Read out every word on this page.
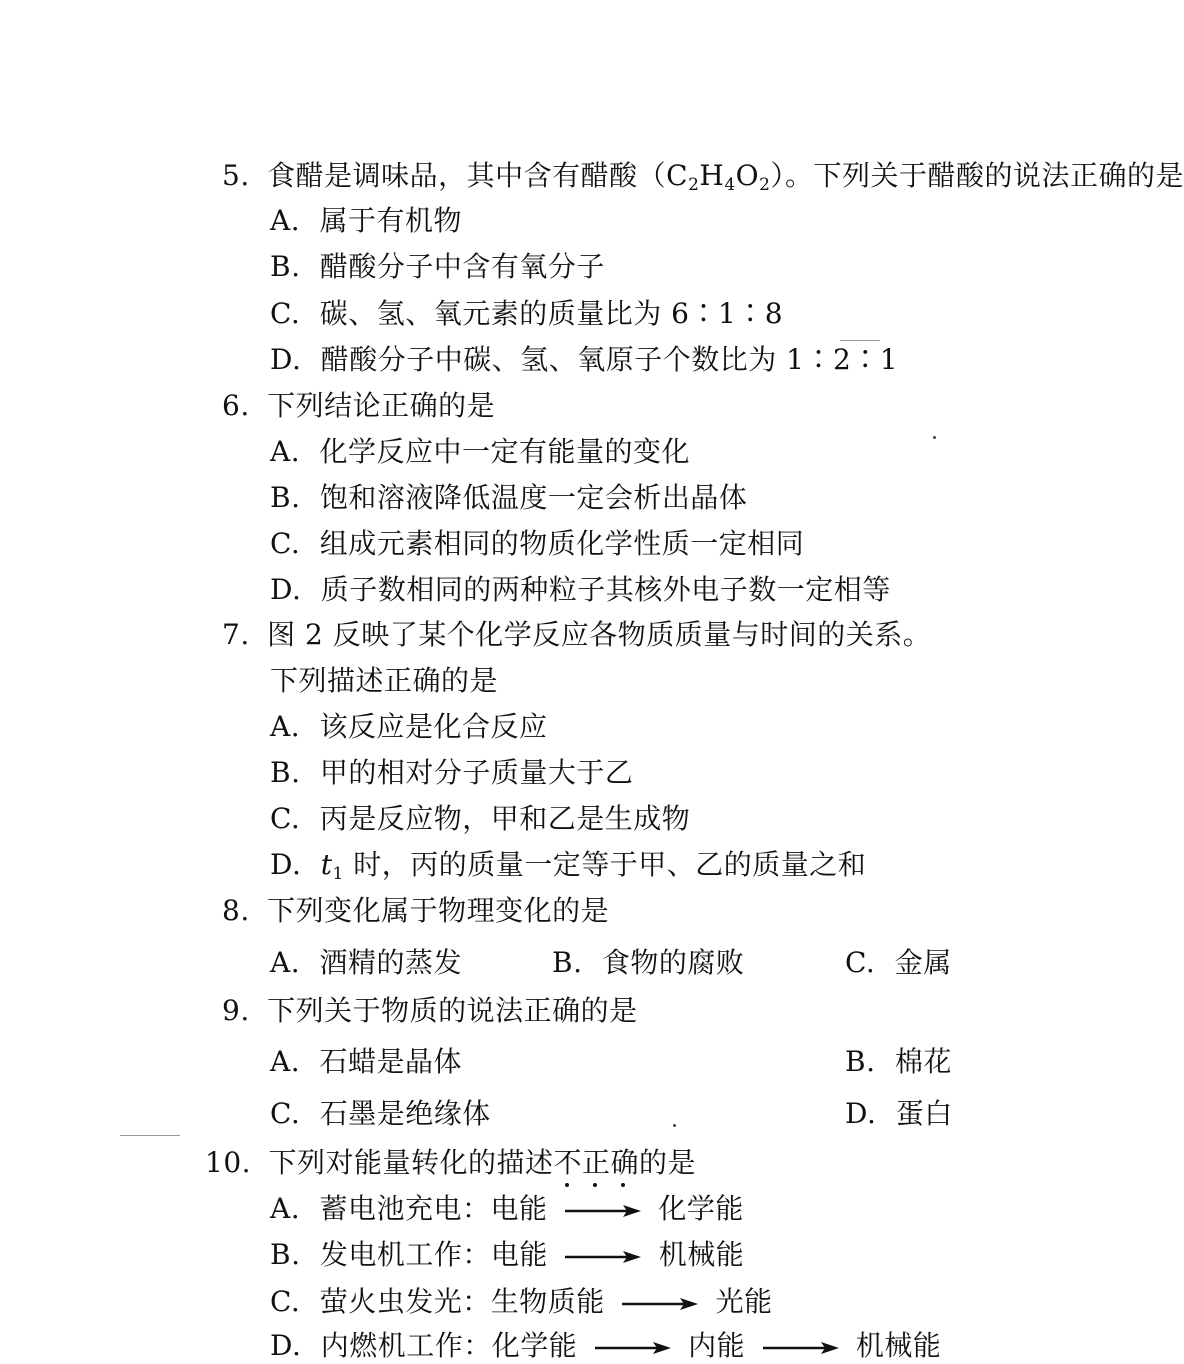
5. 食醋是调味品，其中含有醋酸$(C_2H_4O_2)$。下列关于醋酸的说法正确的是
A. 属于有机物
B. 醋酸分子中含有氧分子
C. 碳、氢、氧元素的质量比为 6∶1∶8
D. 醋酸分子中碳、氢、氧原子个数比为 1∶2∶1
6. 下列结论正确的是
A. 化学反应中一定有能量的变化
B. 饱和溶液降低温度一定会析出晶体
C. 组成元素相同的物质化学性质一定相同
D. 质子数相同的两种粒子其核外电子数一定相等
7. 图 2 反映了某个化学反应各物质质量与时间的关系。
下列描述正确的是
A. 该反应是化合反应
B. 甲的相对分子质量大于乙
C. 丙是反应物，甲和乙是生成物
D. $t_1$ 时，丙的质量一定等于甲、乙的质量之和
8. 下列变化属于物理变化的是
A. 酒精的蒸发	B. 食物的腐败	C. 金属
9. 下列关于物质的说法正确的是
A. 石蜡是晶体	B. 棉花
C. 石墨是绝缘体	D. 蛋白
10. 下列对能量转化的描述不正确
的是
A. 蓄电池充电：电能	化学能
B. 发电机工作：电能	机械能
C. 萤火虫发光：生物质能	光能
D. 内燃机工作：化学能	内能	机械能
